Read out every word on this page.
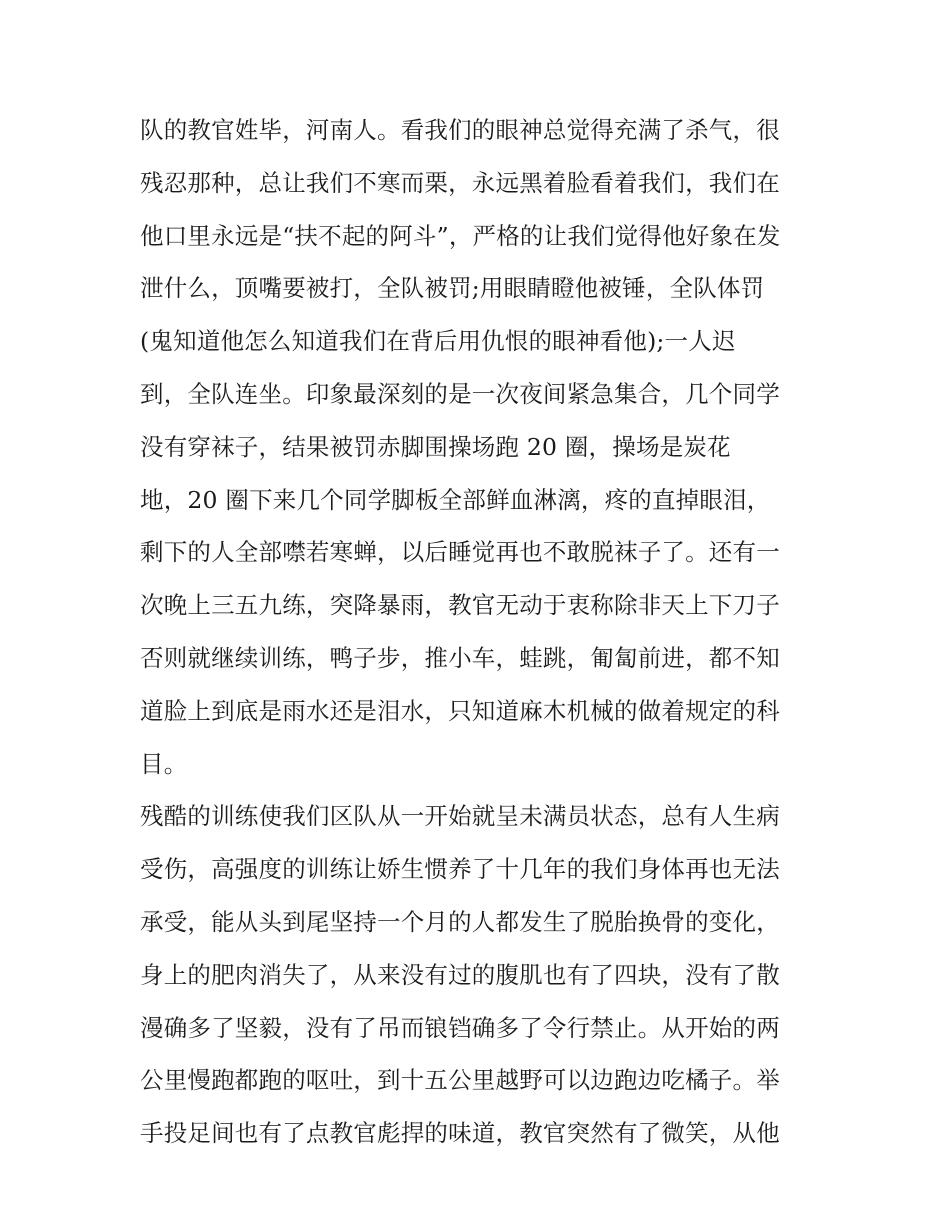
队的教官姓毕，河南人。看我们的眼神总觉得充满了杀气，很
残忍那种，总让我们不寒而栗，永远黑着脸看着我们，我们在
他口里永远是“扶不起的阿斗”，严格的让我们觉得他好象在发
泄什么，顶嘴要被打，全队被罚;用眼睛瞪他被锤，全队体罚
(鬼知道他怎么知道我们在背后用仇恨的眼神看他);一人迟
到，全队连坐。印象最深刻的是一次夜间紧急集合，几个同学
没有穿袜子，结果被罚赤脚围操场跑 20 圈，操场是炭花
地，20 圈下来几个同学脚板全部鲜血淋漓，疼的直掉眼泪，
剩下的人全部噤若寒蝉，以后睡觉再也不敢脱袜子了。还有一
次晚上三五九练，突降暴雨，教官无动于衷称除非天上下刀子
否则就继续训练，鸭子步，推小车，蛙跳，匍匐前进，都不知
道脸上到底是雨水还是泪水，只知道麻木机械的做着规定的科
目。
残酷的训练使我们区队从一开始就呈未满员状态，总有人生病
受伤，高强度的训练让娇生惯养了十几年的我们身体再也无法
承受，能从头到尾坚持一个月的人都发生了脱胎换骨的变化，
身上的肥肉消失了，从来没有过的腹肌也有了四块，没有了散
漫确多了坚毅，没有了吊而锒铛确多了令行禁止。从开始的两
公里慢跑都跑的呕吐，到十五公里越野可以边跑边吃橘子。举
手投足间也有了点教官彪捍的味道，教官突然有了微笑，从他
